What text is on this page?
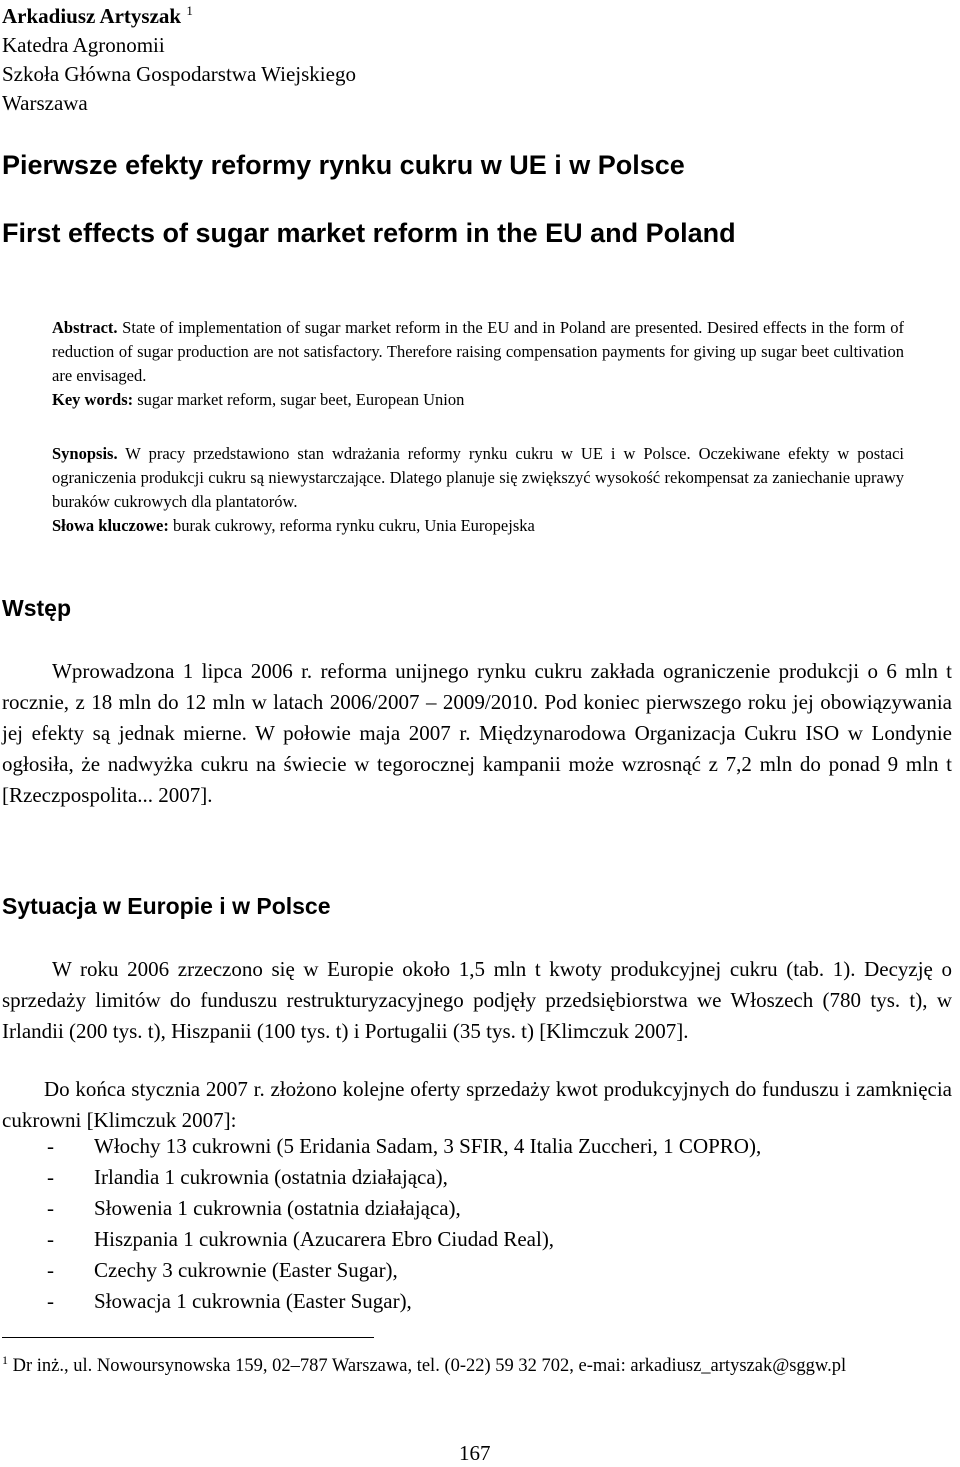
Arkadiusz Artyszak $^1$
Katedra Agronomii
Szkoła Główna Gospodarstwa Wiejskiego
Warszawa
Pierwsze efekty reformy rynku cukru w UE i w Polsce
First effects of sugar market reform in the EU and Poland

Abstract. State of implementation of sugar market reform in the EU and in Poland are presented. Desired effects in the form of reduction of sugar production are not satisfactory. Therefore raising compensation payments for giving up sugar beet cultivation are envisaged.

Key words: sugar market reform, sugar beet, European Union

Synopsis. W pracy przedstawiono stan wdrażania reformy rynku cukru w UE i w Polsce. Oczekiwane efekty w postaci ograniczenia produkcji cukru są niewystarczające. Dlatego planuje się zwiększyć wysokość rekompensat za zaniechanie uprawy buraków cukrowych dla plantatorów.

Słowa kluczowe: burak cukrowy, reforma rynku cukru, Unia Europejska

Wstęp

Wprowadzona 1 lipca 2006 r. reforma unijnego rynku cukru zakłada ograniczenie produkcji o 6 mln t rocznie, z 18 mln do 12 mln w latach 2006/2007 – 2009/2010. Pod koniec pierwszego roku jej obowiązywania jej efekty są jednak mierne. W połowie maja 2007 r. Międzynarodowa Organizacja Cukru ISO w Londynie ogłosiła, że nadwyżka cukru na świecie w tegorocznej kampanii może wzrosnąć z 7,2 mln do ponad 9 mln t [Rzeczpospolita... 2007].

Sytuacja w Europie i w Polsce

W roku 2006 zrzeczono się w Europie około 1,5 mln t kwoty produkcyjnej cukru (tab. 1). Decyzję o sprzedaży limitów do funduszu restrukturyzacyjnego podjęły przedsiębiorstwa we Włoszech (780 tys. t), w Irlandii (200 tys. t), Hiszpanii (100 tys. t) i Portugalii (35 tys. t) [Klimczuk 2007].

Do końca stycznia 2007 r. złożono kolejne oferty sprzedaży kwot produkcyjnych do funduszu i zamknięcia cukrowni [Klimczuk 2007]:

- Włochy 13 cukrowni (5 Eridania Sadam, 3 SFIR, 4 Italia Zuccheri, 1 COPRO),
- Irlandia 1 cukrownia (ostatnia działająca),
- Słowenia 1 cukrownia (ostatnia działająca),
- Hiszpania 1 cukrownia (Azucarera Ebro Ciudad Real),
- Czechy 3 cukrownie (Easter Sugar),
- Słowacja 1 cukrownia (Easter Sugar),
$^1$ Dr inż., ul. Nowoursynowska 159, 02–787 Warszawa, tel. (0-22) 59 32 702, e-mai: arkadiusz_artyszak@sggw.pl
167
